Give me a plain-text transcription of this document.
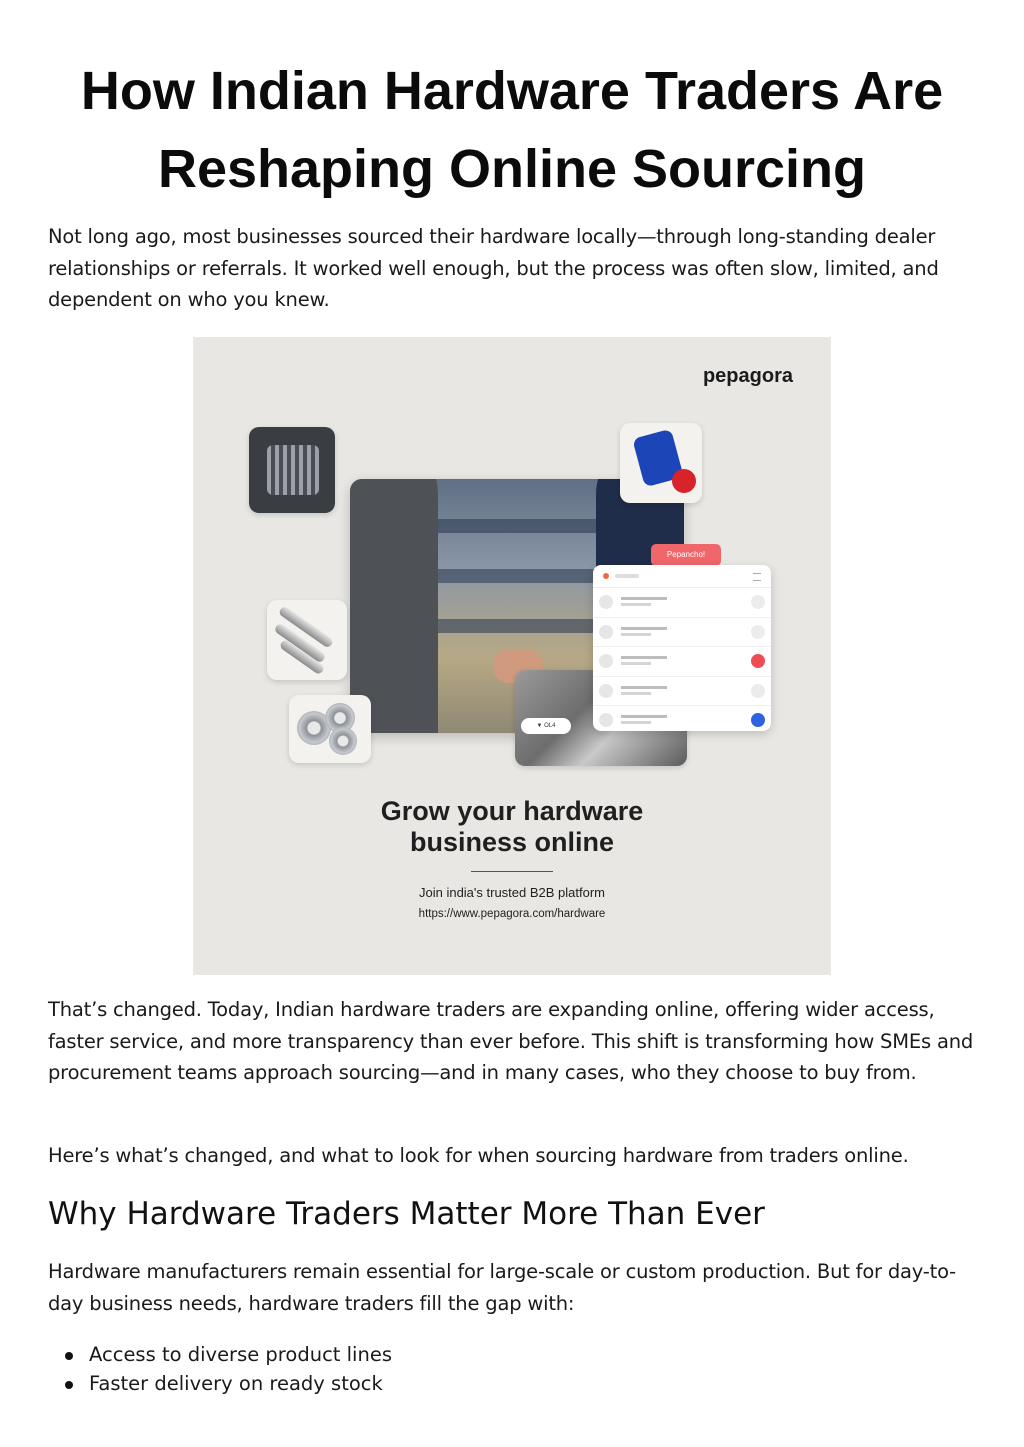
How Indian Hardware Traders Are
Reshaping Online Sourcing

Not long ago, most businesses sourced their hardware locally—through long-standing dealer relationships or referrals. It worked well enough, but the process was often slow, limited, and dependent on who you knew.

pepagora
▼ OL4
Pepancho!
Grow your hardware
business online
Join india's trusted B2B platform
https://www.pepagora.com/hardware

That’s changed. Today, Indian hardware traders are expanding online, offering wider access, faster service, and more transparency than ever before. This shift is transforming how SMEs and procurement teams approach sourcing—and in many cases, who they choose to buy from.

Here’s what’s changed, and what to look for when sourcing hardware from traders online.

Why Hardware Traders Matter More Than Ever

Hardware manufacturers remain essential for large-scale or custom production. But for day-to-day business needs, hardware traders fill the gap with:

Access to diverse product lines
Faster delivery on ready stock
